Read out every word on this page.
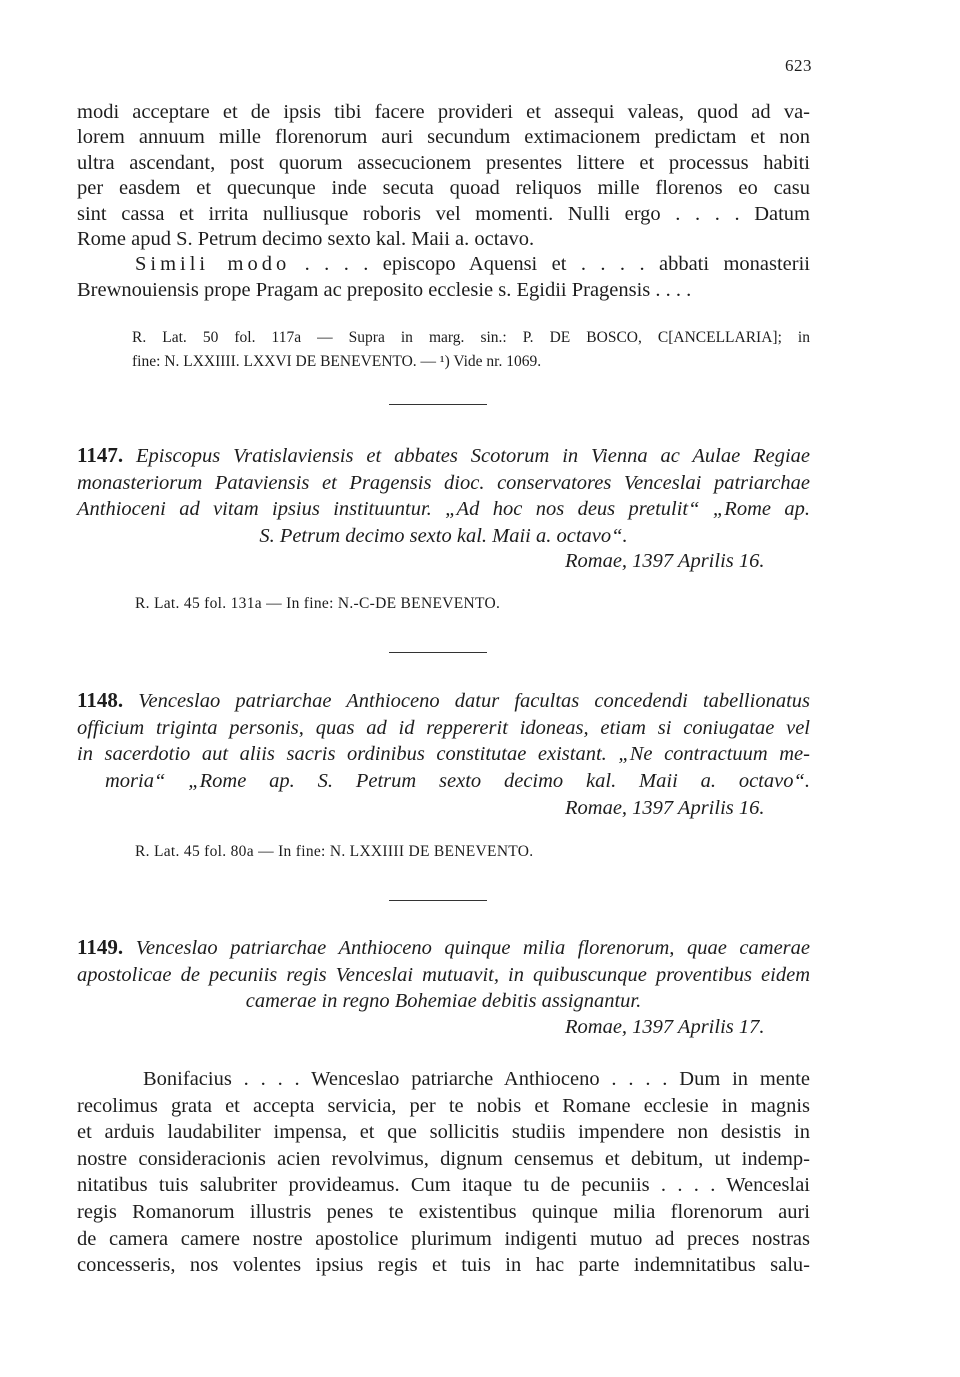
623

modi acceptare et de ipsis tibi facere provideri et assequi valeas, quod ad va-
lorem annuum mille florenorum auri secundum extimacionem predictam et non
ultra ascendant, post quorum assecucionem presentes littere et processus habiti
per easdem et quecunque inde secuta quoad reliquos mille florenos eo casu
sint cassa et irrita nulliusque roboris vel momenti. Nulli ergo . . . . Datum
Rome apud S. Petrum decimo sexto kal. Maii a. octavo.
Simili modo . . . . episcopo Aquensi et . . . . abbati monasterii
Brewnouiensis prope Pragam ac preposito ecclesie s. Egidii Pragensis . . . .

R. Lat. 50 fol. 117a — Supra in marg. sin.: P. DE BOSCO, C[ANCELLARIA]; in
fine: N. LXXIIII. LXXVI DE BENEVENTO. — ¹) Vide nr. 1069.
1147. Episcopus Vratislaviensis et abbates Scotorum in Vienna ac Aulae Regiae
monasteriorum Pataviensis et Pragensis dioc. conservatores Venceslai patriarchae
Anthioceni ad vitam ipsius instituuntur. „Ad hoc nos deus pretulit“ „Rome ap.
S. Petrum decimo sexto kal. Maii a. octavo“.
Romae, 1397 Aprilis 16.
R. Lat. 45 fol. 131a — In fine: N.-C-DE BENEVENTO.
1148. Venceslao patriarchae Anthioceno datur facultas concedendi tabellionatus
officium triginta personis, quas ad id reppererit idoneas, etiam si coniugatae vel
in sacerdotio aut aliis sacris ordinibus constitutae existant. „Ne contractuum me-
moria“ „Rome ap. S. Petrum sexto decimo kal. Maii a. octavo“.
Romae, 1397 Aprilis 16.
R. Lat. 45 fol. 80a — In fine: N. LXXIIII DE BENEVENTO.
1149. Venceslao patriarchae Anthioceno quinque milia florenorum, quae camerae
apostolicae de pecuniis regis Venceslai mutuavit, in quibuscunque proventibus eidem
camerae in regno Bohemiae debitis assignantur.
Romae, 1397 Aprilis 17.

Bonifacius . . . . Wenceslao patriarche Anthioceno . . . . Dum in mente
recolimus grata et accepta servicia, per te nobis et Romane ecclesie in magnis
et arduis laudabiliter impensa, et que sollicitis studiis impendere non desistis in
nostre consideracionis acien revolvimus, dignum censemus et debitum, ut indemp-
nitatibus tuis salubriter provideamus. Cum itaque tu de pecuniis . . . . Wenceslai
regis Romanorum illustris penes te existentibus quinque milia florenorum auri
de camera camere nostre apostolice plurimum indigenti mutuo ad preces nostras
concesseris, nos volentes ipsius regis et tuis in hac parte indemnitatibus salu-
